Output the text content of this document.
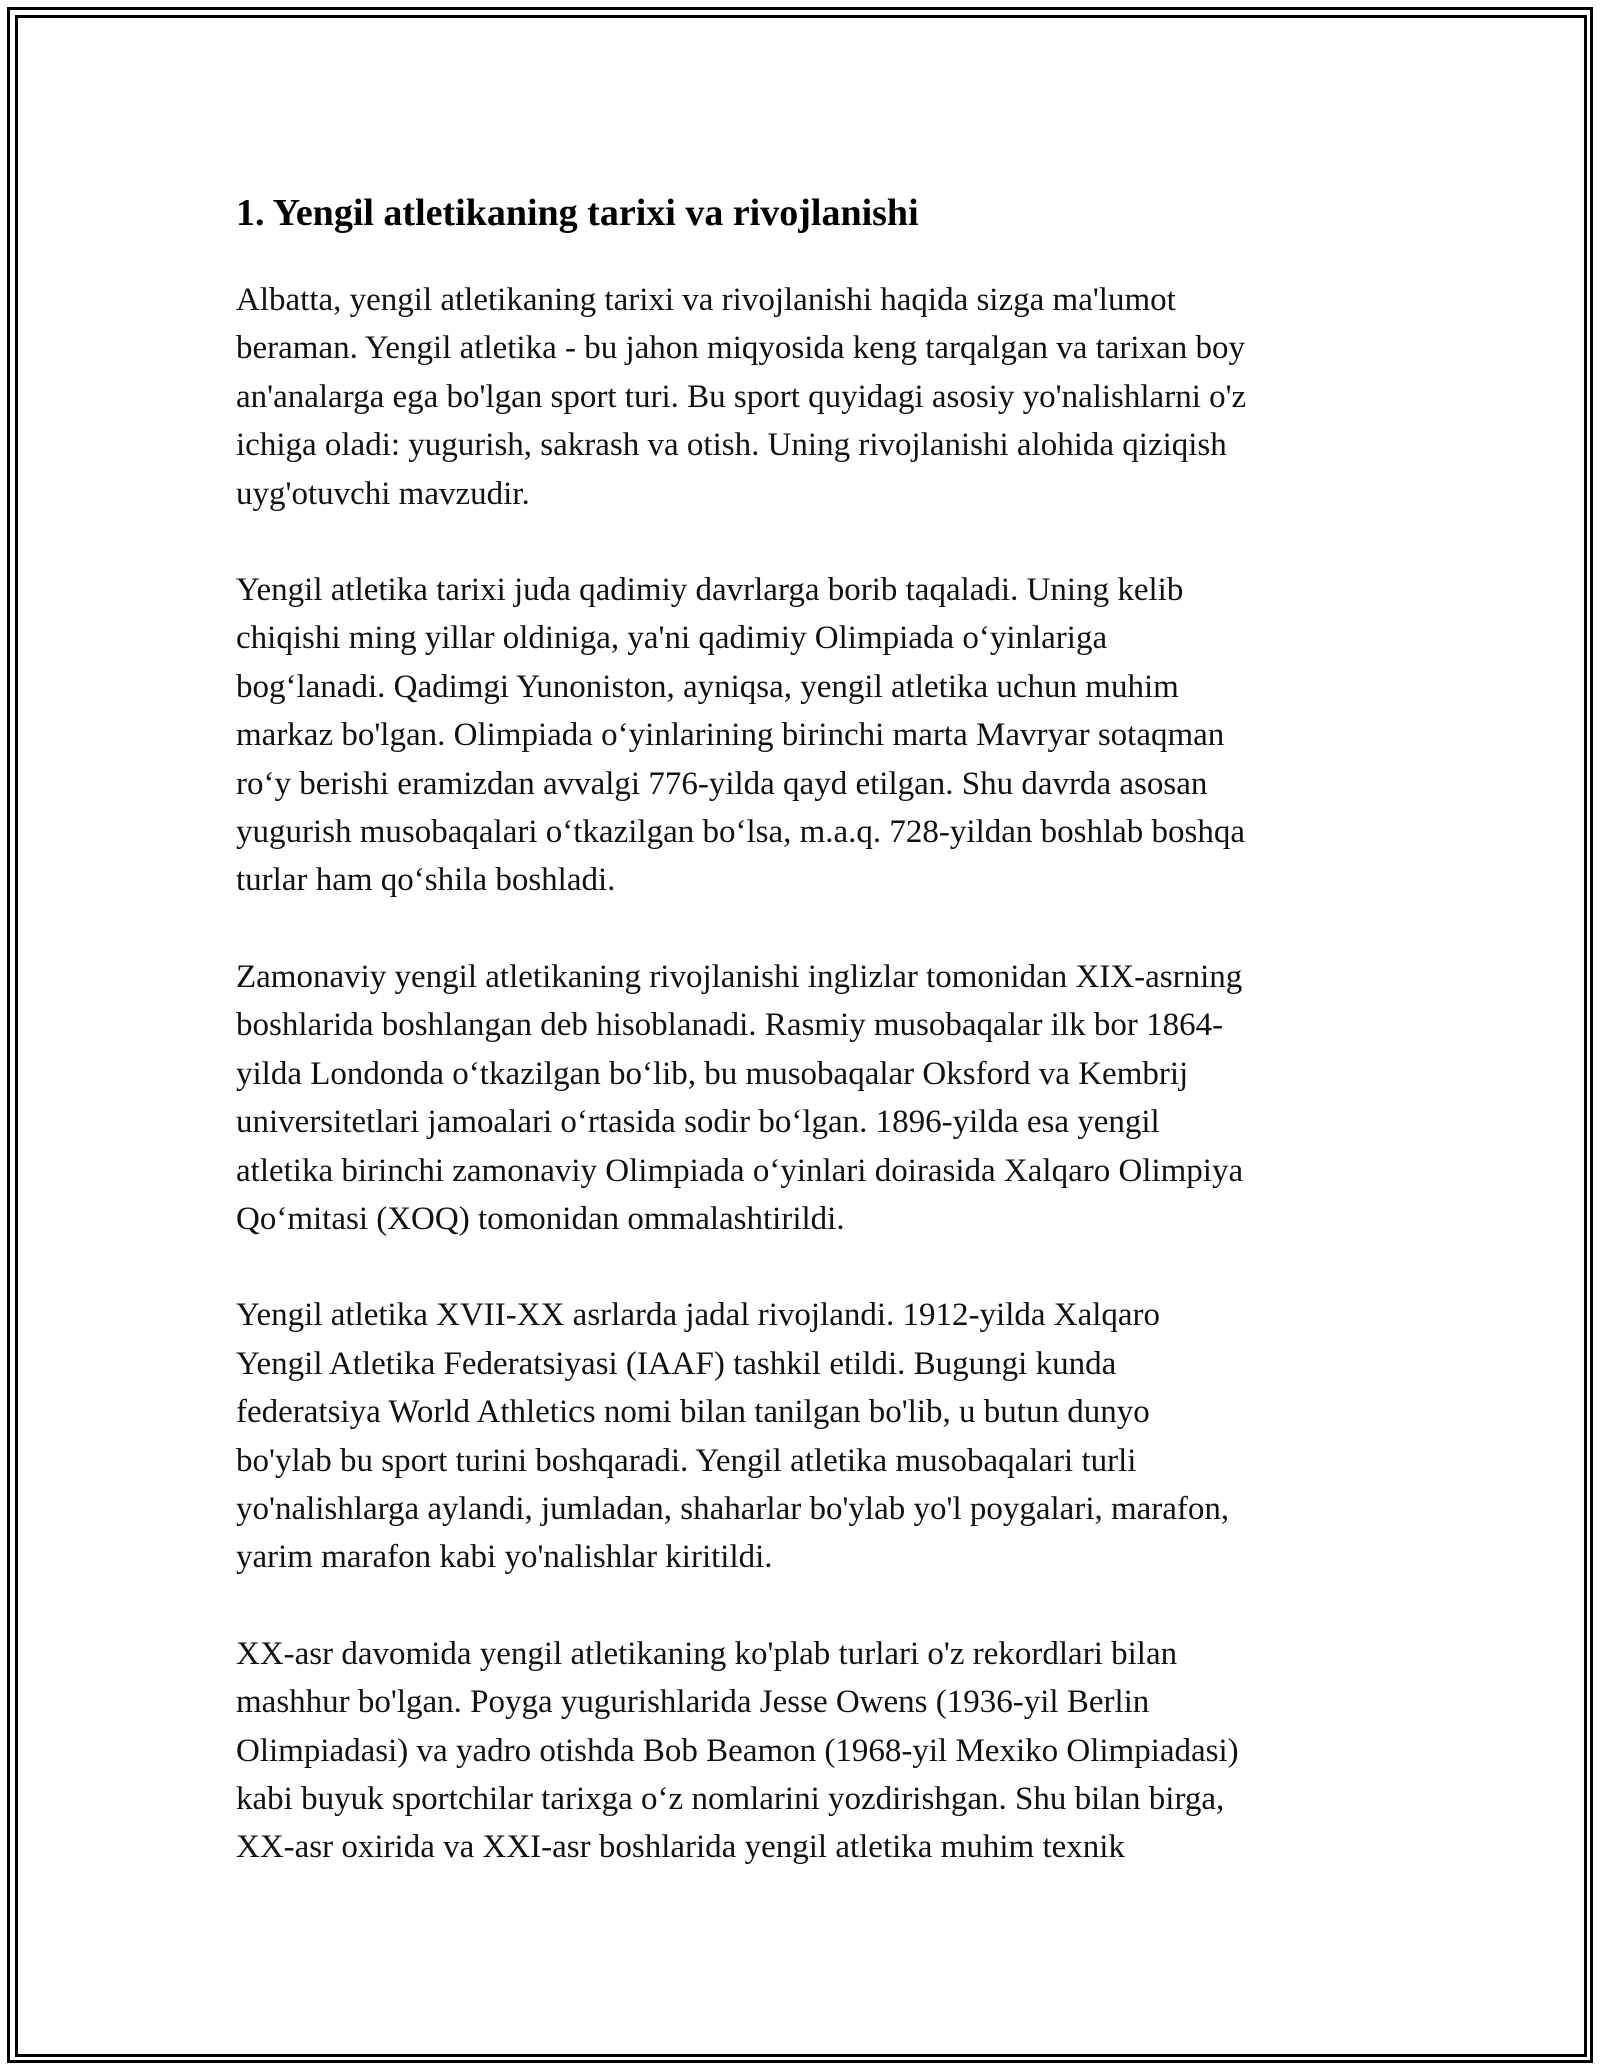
1. Yengil atletikaning tarixi va rivojlanishi

Albatta, yengil atletikaning tarixi va rivojlanishi haqida sizga ma'lumot
beraman. Yengil atletika - bu jahon miqyosida keng tarqalgan va tarixan boy
an'analarga ega bo'lgan sport turi. Bu sport quyidagi asosiy yo'nalishlarni o'z
ichiga oladi: yugurish, sakrash va otish. Uning rivojlanishi alohida qiziqish
uyg'otuvchi mavzudir.

Yengil atletika tarixi juda qadimiy davrlarga borib taqaladi. Uning kelib
chiqishi ming yillar oldiniga, ya'ni qadimiy Olimpiada o‘yinlariga
bog‘lanadi. Qadimgi Yunoniston, ayniqsa, yengil atletika uchun muhim
markaz bo'lgan. Olimpiada o‘yinlarining birinchi marta Mavryar sotaqman
ro‘y berishi eramizdan avvalgi 776-yilda qayd etilgan. Shu davrda asosan
yugurish musobaqalari o‘tkazilgan bo‘lsa, m.a.q. 728-yildan boshlab boshqa
turlar ham qo‘shila boshladi.

Zamonaviy yengil atletikaning rivojlanishi inglizlar tomonidan XIX-asrning
boshlarida boshlangan deb hisoblanadi. Rasmiy musobaqalar ilk bor 1864-
yilda Londonda o‘tkazilgan bo‘lib, bu musobaqalar Oksford va Kembrij
universitetlari jamoalari o‘rtasida sodir bo‘lgan. 1896-yilda esa yengil
atletika birinchi zamonaviy Olimpiada o‘yinlari doirasida Xalqaro Olimpiya
Qo‘mitasi (XOQ) tomonidan ommalashtirildi.

Yengil atletika XVII-XX asrlarda jadal rivojlandi. 1912-yilda Xalqaro
Yengil Atletika Federatsiyasi (IAAF) tashkil etildi. Bugungi kunda
federatsiya World Athletics nomi bilan tanilgan bo'lib, u butun dunyo
bo'ylab bu sport turini boshqaradi. Yengil atletika musobaqalari turli
yo'nalishlarga aylandi, jumladan, shaharlar bo'ylab yo'l poygalari, marafon,
yarim marafon kabi yo'nalishlar kiritildi.

XX-asr davomida yengil atletikaning ko'plab turlari o'z rekordlari bilan
mashhur bo'lgan. Poyga yugurishlarida Jesse Owens (1936-yil Berlin
Olimpiadasi) va yadro otishda Bob Beamon (1968-yil Mexiko Olimpiadasi)
kabi buyuk sportchilar tarixga o‘z nomlarini yozdirishgan. Shu bilan birga,
XX-asr oxirida va XXI-asr boshlarida yengil atletika muhim texnik
